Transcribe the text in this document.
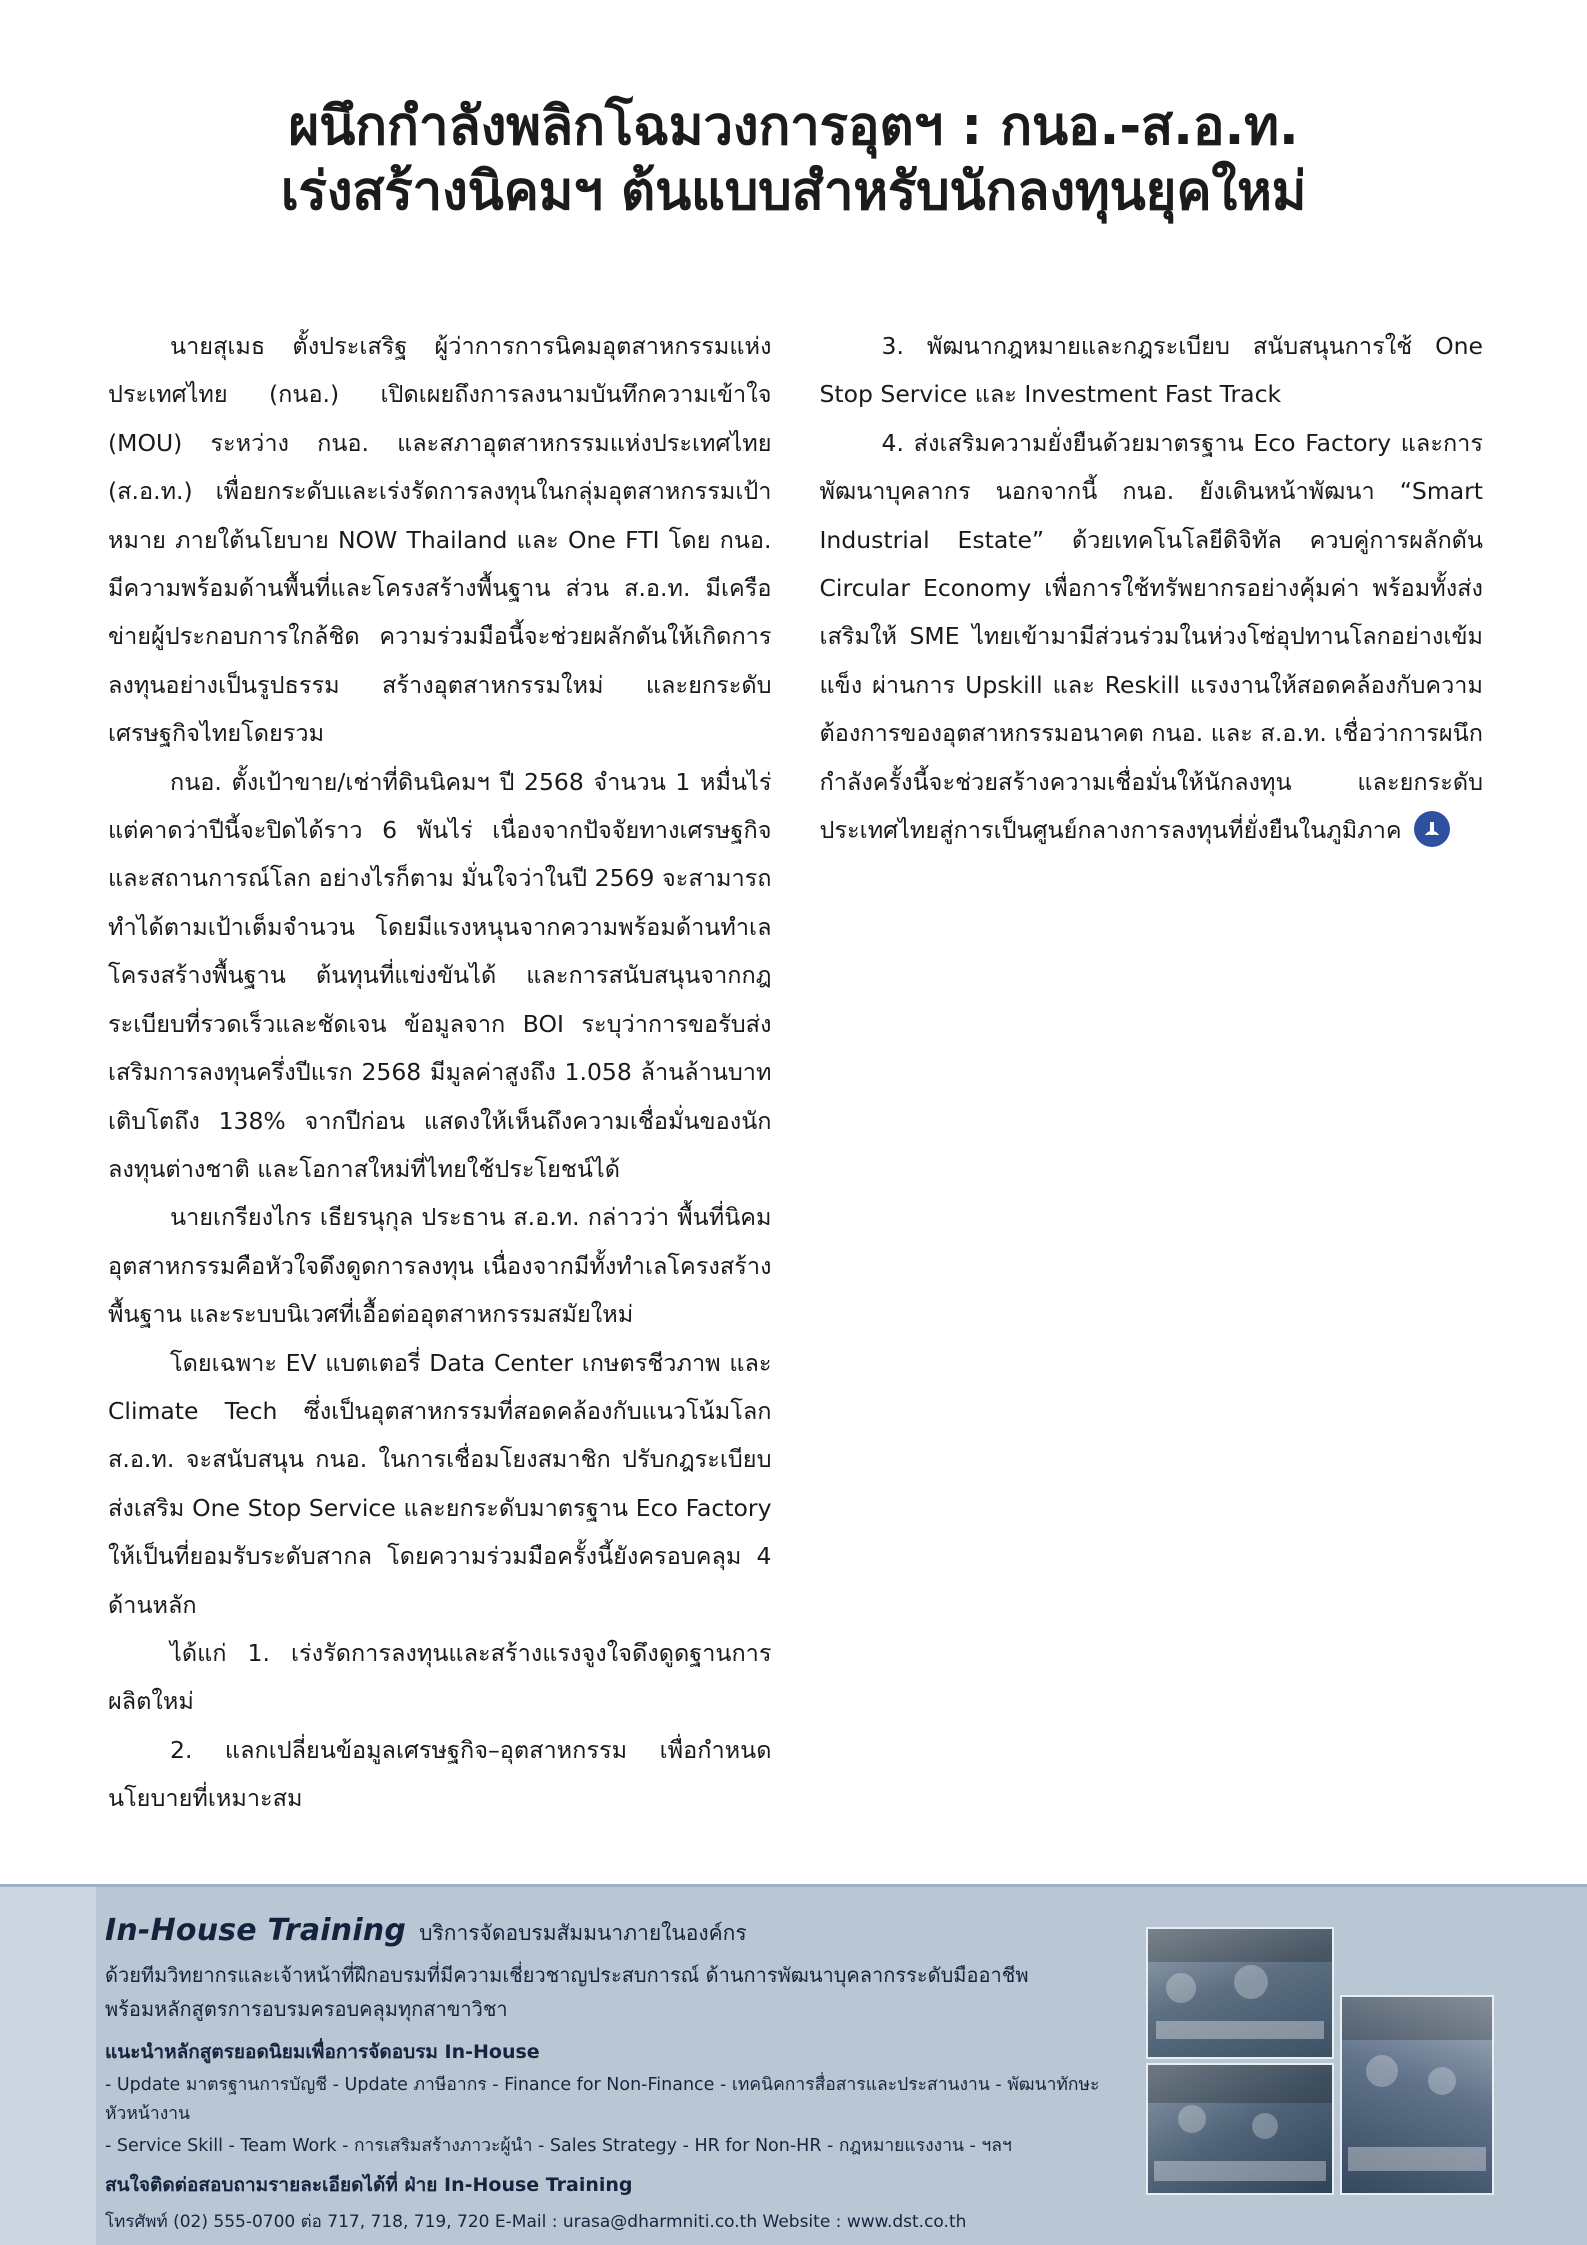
ผนึกกำลังพลิกโฉมวงการอุตฯ : กนอ.-ส.อ.ท.
เร่งสร้างนิคมฯ ต้นแบบสำหรับนักลงทุนยุคใหม่

นายสุเมธ ตั้งประเสริฐ ผู้ว่าการการนิคมอุตสาหกรรมแห่งประเทศไทย (กนอ.) เปิดเผยถึงการลงนามบันทึกความเข้าใจ (MOU) ระหว่าง กนอ. และสภาอุตสาหกรรมแห่งประเทศไทย (ส.อ.ท.) เพื่อยกระดับและเร่งรัดการลงทุนในกลุ่มอุตสาหกรรมเป้าหมาย ภายใต้นโยบาย NOW Thailand และ One FTI โดย กนอ. มีความพร้อมด้านพื้นที่และโครงสร้างพื้นฐาน ส่วน ส.อ.ท. มีเครือข่ายผู้ประกอบการใกล้ชิด ความร่วมมือนี้จะช่วยผลักดันให้เกิดการลงทุนอย่างเป็นรูปธรรม สร้างอุตสาหกรรมใหม่ และยกระดับเศรษฐกิจไทยโดยรวม

กนอ. ตั้งเป้าขาย/เช่าที่ดินนิคมฯ ปี 2568 จำนวน 1 หมื่นไร่ แต่คาดว่าปีนี้จะปิดได้ราว 6 พันไร่ เนื่องจากปัจจัยทางเศรษฐกิจและสถานการณ์โลก อย่างไรก็ตาม มั่นใจว่าในปี 2569 จะสามารถทำได้ตามเป้าเต็มจำนวน โดยมีแรงหนุนจากความพร้อมด้านทำเลโครงสร้างพื้นฐาน ต้นทุนที่แข่งขันได้ และการสนับสนุนจากกฎระเบียบที่รวดเร็วและชัดเจน ข้อมูลจาก BOI ระบุว่าการขอรับส่งเสริมการลงทุนครึ่งปีแรก 2568 มีมูลค่าสูงถึง 1.058 ล้านล้านบาท เติบโตถึง 138% จากปีก่อน แสดงให้เห็นถึงความเชื่อมั่นของนักลงทุนต่างชาติ และโอกาสใหม่ที่ไทยใช้ประโยชน์ได้

นายเกรียงไกร เธียรนุกุล ประธาน ส.อ.ท. กล่าวว่า พื้นที่นิคมอุตสาหกรรมคือหัวใจดึงดูดการลงทุน เนื่องจากมีทั้งทำเลโครงสร้างพื้นฐาน และระบบนิเวศที่เอื้อต่ออุตสาหกรรมสมัยใหม่

โดยเฉพาะ EV แบตเตอรี่ Data Center เกษตรชีวภาพ และ Climate Tech ซึ่งเป็นอุตสาหกรรมที่สอดคล้องกับแนวโน้มโลก ส.อ.ท. จะสนับสนุน กนอ. ในการเชื่อมโยงสมาชิก ปรับกฎระเบียบ ส่งเสริม One Stop Service และยกระดับมาตรฐาน Eco Factory ให้เป็นที่ยอมรับระดับสากล โดยความร่วมมือครั้งนี้ยังครอบคลุม 4 ด้านหลัก

ได้แก่ 1. เร่งรัดการลงทุนและสร้างแรงจูงใจดึงดูดฐานการผลิตใหม่

2. แลกเปลี่ยนข้อมูลเศรษฐกิจ–อุตสาหกรรม เพื่อกำหนดนโยบายที่เหมาะสม

3. พัฒนากฎหมายและกฎระเบียบ สนับสนุนการใช้ One Stop Service และ Investment Fast Track

4. ส่งเสริมความยั่งยืนด้วยมาตรฐาน Eco Factory และการพัฒนาบุคลากร นอกจากนี้ กนอ. ยังเดินหน้าพัฒนา “Smart Industrial Estate” ด้วยเทคโนโลยีดิจิทัล ควบคู่การผลักดัน Circular Economy เพื่อการใช้ทรัพยากรอย่างคุ้มค่า พร้อมทั้งส่งเสริมให้ SME ไทยเข้ามามีส่วนร่วมในห่วงโซ่อุปทานโลกอย่างเข้มแข็ง ผ่านการ Upskill และ Reskill แรงงานให้สอดคล้องกับความต้องการของอุตสาหกรรมอนาคต กนอ. และ ส.อ.ท. เชื่อว่าการผนึกกำลังครั้งนี้จะช่วยสร้างความเชื่อมั่นให้นักลงทุน และยกระดับประเทศไทยสู่การเป็นศูนย์กลางการลงทุนที่ยั่งยืนในภูมิภาค

In-House Training บริการจัดอบรมสัมมนาภายในองค์กร
ด้วยทีมวิทยากรและเจ้าหน้าที่ฝึกอบรมที่มีความเชี่ยวชาญประสบการณ์ ด้านการพัฒนาบุคลากรระดับมืออาชีพ
พร้อมหลักสูตรการอบรมครอบคลุมทุกสาขาวิชา
แนะนำหลักสูตรยอดนิยมเพื่อการจัดอบรม In-House
- Update มาตรฐานการบัญชี - Update ภาษีอากร - Finance for Non-Finance - เทคนิคการสื่อสารและประสานงาน - พัฒนาทักษะหัวหน้างาน
- Service Skill - Team Work - การเสริมสร้างภาวะผู้นำ - Sales Strategy - HR for Non-HR - กฎหมายแรงงาน - ฯลฯ
สนใจติดต่อสอบถามรายละเอียดได้ที่ ฝ่าย In-House Training
โทรศัพท์ (02) 555-0700 ต่อ 717, 718, 719, 720 E-Mail : urasa@dharmniti.co.th Website : www.dst.co.th
